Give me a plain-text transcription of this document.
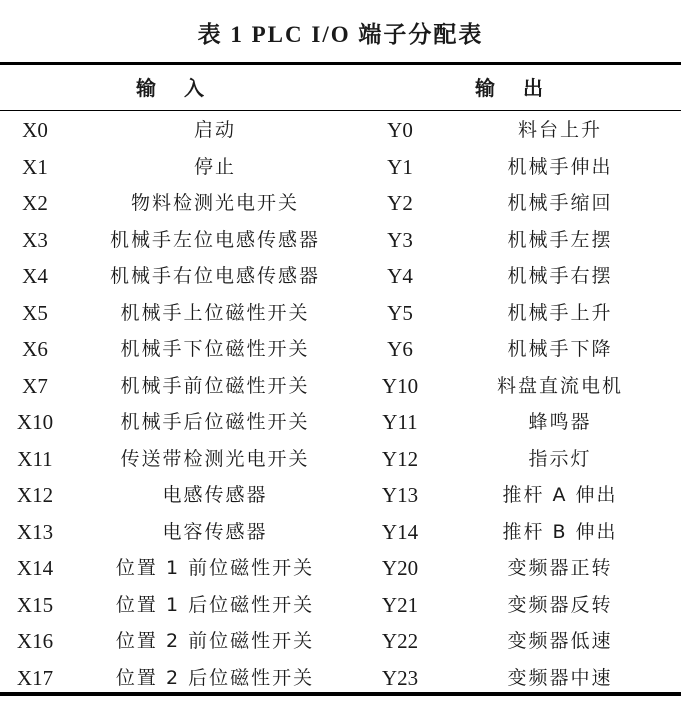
表 1 PLC I/O 端子分配表
输入	输出
X0	启动	Y0	料台上升
X1	停止	Y1	机械手伸出
X2	物料检测光电开关	Y2	机械手缩回
X3	机械手左位电感传感器	Y3	机械手左摆
X4	机械手右位电感传感器	Y4	机械手右摆
X5	机械手上位磁性开关	Y5	机械手上升
X6	机械手下位磁性开关	Y6	机械手下降
X7	机械手前位磁性开关	Y10	料盘直流电机
X10	机械手后位磁性开关	Y11	蜂鸣器
X11	传送带检测光电开关	Y12	指示灯
X12	电感传感器	Y13	推杆 A 伸出
X13	电容传感器	Y14	推杆 B 伸出
X14	位置 1 前位磁性开关	Y20	变频器正转
X15	位置 1 后位磁性开关	Y21	变频器反转
X16	位置 2 前位磁性开关	Y22	变频器低速
X17	位置 2 后位磁性开关	Y23	变频器中速
